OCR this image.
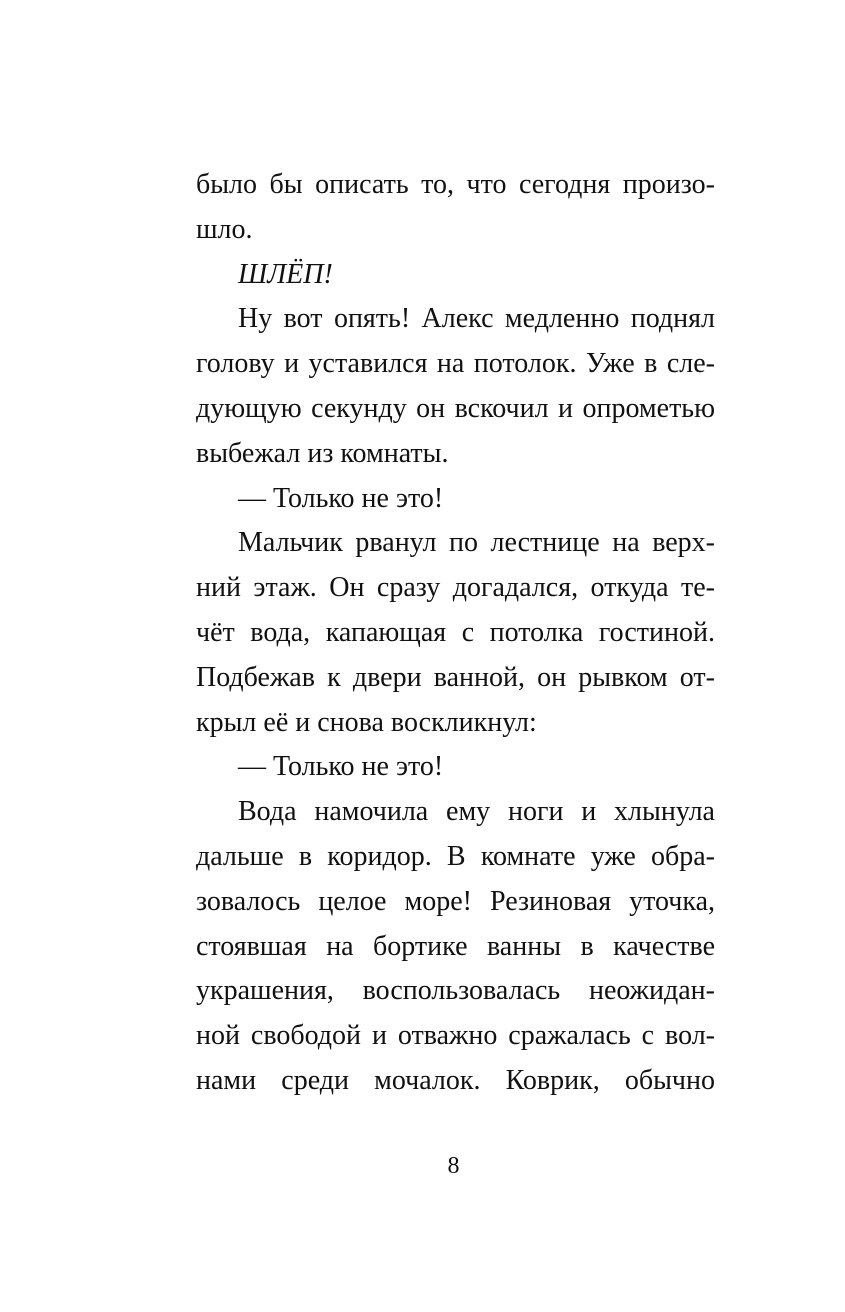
было бы описать то, что сегодня произо-
шло.
ШЛЁП!
Ну вот опять! Алекс медленно поднял
голову и уставился на потолок. Уже в сле-
дующую секунду он вскочил и опрометью
выбежал из комнаты.
— Только не это!
Мальчик рванул по лестнице на верх-
ний этаж. Он сразу догадался, откуда те-
чёт вода, капающая с потолка гостиной.
Подбежав к двери ванной, он рывком от-
крыл её и снова воскликнул:
— Только не это!
Вода намочила ему ноги и хлынула
дальше в коридор. В комнате уже обра-
зовалось целое море! Резиновая уточка,
стоявшая на бортике ванны в качестве
украшения, воспользовалась неожидан-
ной свободой и отважно сражалась с вол-
нами среди мочалок. Коврик, обычно
8
